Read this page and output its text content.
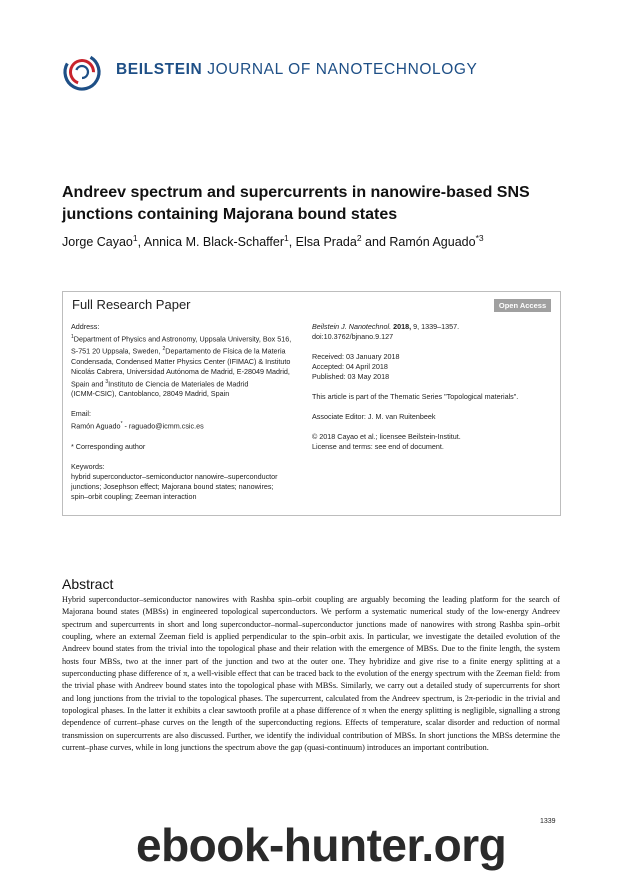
BEILSTEIN JOURNAL OF NANOTECHNOLOGY
Andreev spectrum and supercurrents in nanowire-based SNS junctions containing Majorana bound states
Jorge Cayao$^1$, Annica M. Black-Schaffer$^1$, Elsa Prada$^2$ and Ramón Aguado$^{*3}$
Full Research Paper	Open Access
Address:
$^1$Department of Physics and Astronomy, Uppsala University, Box 516,
S-751 20 Uppsala, Sweden, $^2$Departamento de Física de la Materia
Condensada, Condensed Matter Physics Center (IFIMAC) & Instituto
Nicolás Cabrera, Universidad Autónoma de Madrid, E-28049 Madrid,
Spain and $^3$Instituto de Ciencia de Materiales de Madrid
(ICMM-CSIC), Cantoblanco, 28049 Madrid, Spain

Email:
Ramón Aguado* - raguado@icmm.csic.es
* Corresponding author
Keywords:
hybrid superconductor–semiconductor nanowire–superconductor
junctions; Josephson effect; Majorana bound states; nanowires;
spin–orbit coupling; Zeeman interaction
Beilstein J. Nanotechnol. 2018, 9, 1339–1357.
doi:10.3762/bjnano.9.127
Received: 03 January 2018
Accepted: 04 April 2018
Published: 03 May 2018
This article is part of the Thematic Series "Topological materials".
Associate Editor: J. M. van Ruitenbeek
© 2018 Cayao et al.; licensee Beilstein-Institut.
License and terms: see end of document.
Abstract
Hybrid superconductor–semiconductor nanowires with Rashba spin–orbit coupling are arguably becoming the leading platform for the search of Majorana bound states (MBSs) in engineered topological superconductors. We perform a systematic numerical study of the low-energy Andreev spectrum and supercurrents in short and long superconductor–normal–superconductor junctions made of nanowires with strong Rashba spin–orbit coupling, where an external Zeeman field is applied perpendicular to the spin–orbit axis. In particular, we investigate the detailed evolution of the Andreev bound states from the trivial into the topological phase and their relation with the emergence of MBSs. Due to the finite length, the system hosts four MBSs, two at the inner part of the junction and two at the outer one. They hybridize and give rise to a finite energy splitting at a superconducting phase difference of π, a well-visible effect that can be traced back to the evolution of the energy spectrum with the Zeeman field: from the trivial phase with Andreev bound states into the topological phase with MBSs. Similarly, we carry out a detailed study of supercurrents for short and long junctions from the trivial to the topological phases. The supercurrent, calculated from the Andreev spectrum, is 2π-periodic in the trivial and topological phases. In the latter it exhibits a clear sawtooth profile at a phase difference of π when the energy splitting is negligible, signalling a strong dependence of current–phase curves on the length of the superconducting regions. Effects of temperature, scalar disorder and reduction of normal transmission on supercurrents are also discussed. Further, we identify the individual contribution of MBSs. In short junctions the MBSs determine the current–phase curves, while in long junctions the spectrum above the gap (quasi-continuum) introduces an important contribution.
1339
ebook-hunter.org
